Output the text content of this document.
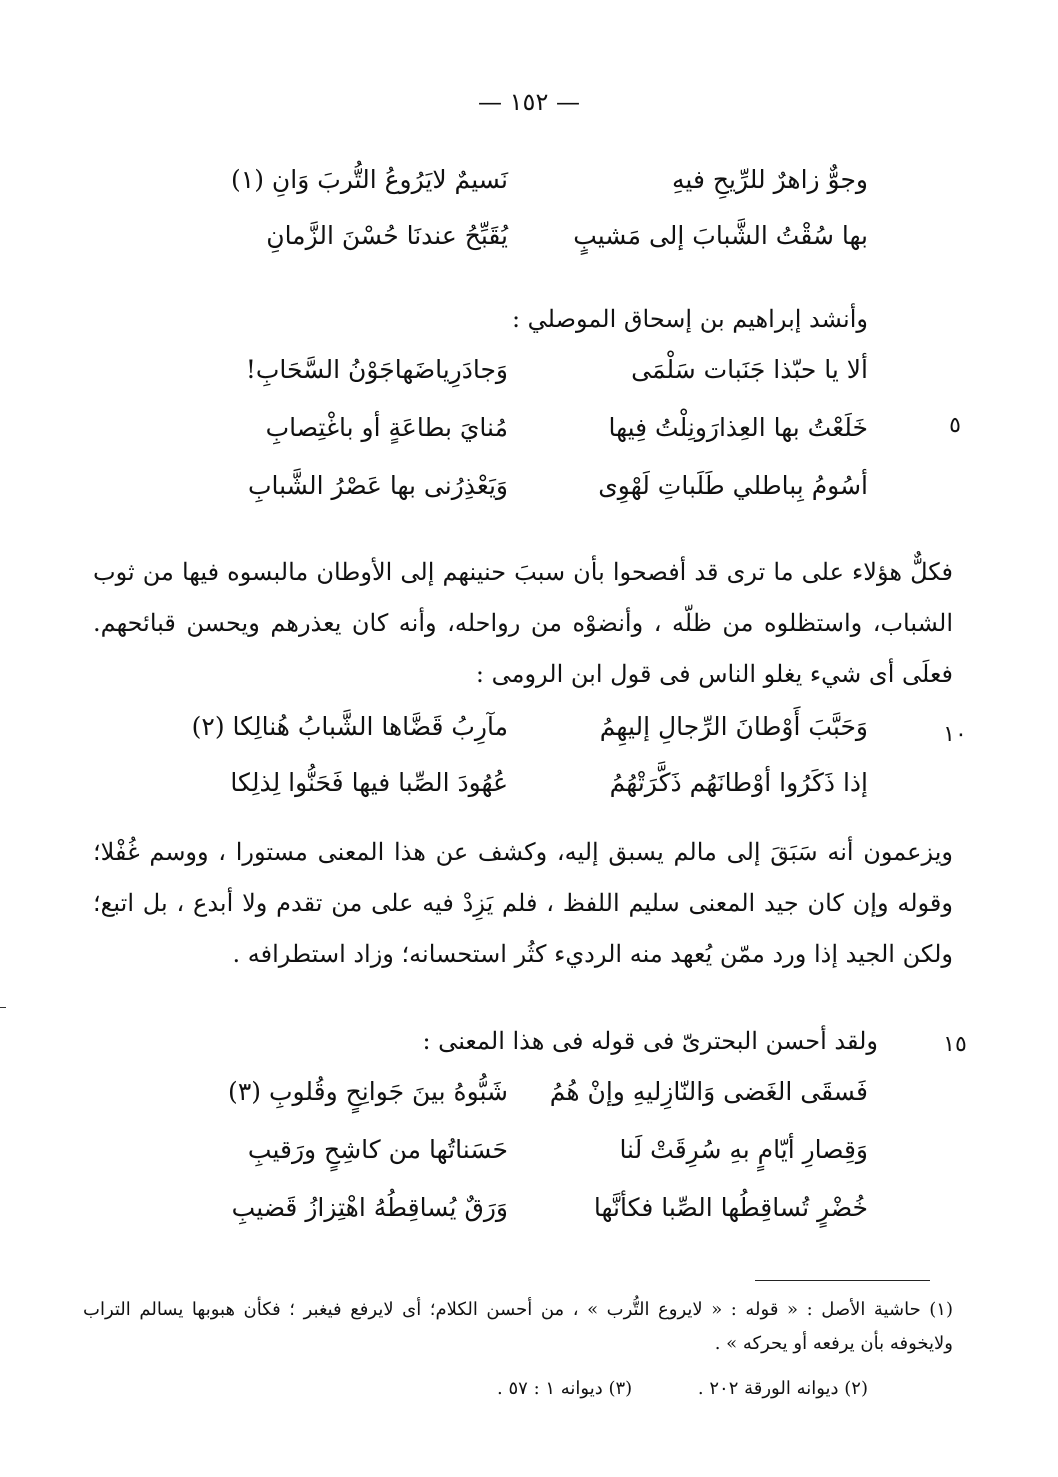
— ١٥٢ —
وجوٌّ زاهرٌ للرِّيحِ فيهِ
نَسيمٌ لايَرُوعُ التُّربَ وَانِ (١)
بها سُقْتُ الشَّبابَ إلى مَشيبٍ
يُقَبِّحُ عندنَا حُسْنَ الزَّمانِ
وأنشد إبراهيم بن إسحاق الموصلي :
ألا يا حبّذا جَنَبات سَلْمَى
وَجادَرِياضَهاجَوْنُ السَّحَابِ!
خَلَعْتُ بها العِذارَونِلْتُ فِيها
مُنايَ بطاعَةٍ أو باغْتِصابِ
أسُومُ بِباطلي طَلَباتِ لَهْوِى
وَيَعْذِرُنى بها عَصْرُ الشَّبابِ
٥

فكلٌّ هؤلاء على ما ترى قد أفصحوا بأن سببَ حنينهم إلى الأوطان مالبسوه فيها من ثوب الشباب، واستظلوه من ظلّه ، وأنضوْه من رواحله، وأنه كان يعذرهم ويحسن قبائحهم. فعلَى أى شيء يغلو الناس فى قول ابن الرومى :

وَحَبَّبَ أَوْطانَ الرِّجالِ إليهِمُ
مآرِبُ قَضَّاها الشَّبابُ هُنالِكا (٢)
إذا ذَكَرُوا أوْطانَهُم ذَكَّرَتْهُمُ
عُهُودَ الصِّبا فيها فَحَنُّوا لِذلِكا
١٠

ويزعمون أنه سَبَقَ إلى مالم يسبق إليه، وكشف عن هذا المعنى مستورا ، ووسم غُفْلا؛ وقوله وإن كان جيد المعنى سليم اللفظ ، فلم يَزِدْ فيه على من تقدم ولا أبدع ، بل اتبع؛ ولكن الجيد إذا ورد ممّن يُعهد منه الرديء كثُر استحسانه؛ وزاد استطرافه .

ولقد أحسن البحترىّ فى قوله فى هذا المعنى :	١٥
فَسقَى الغَضى وَالنّازِليهِ وإنْ هُمُ
شَبُّوهُ بينَ جَوانِحٍ وقُلوبِ (٣)
وَقِصارِ أيّامٍ بهِ سُرِقَتْ لَنا
حَسَناتُها من كاشِحٍ ورَقيبِ
خُضْرٍ تُساقِطُها الصِّبا فكأنَّها
وَرَقٌ يُساقِطُهُ اهْتِزازُ قَضيبِ

(١) حاشية الأصل : « قوله : « لايروع التُّرب » ، من أحسن الكلام؛ أى لايرفع فيغبر ؛ فكأن هبوبها يسالم التراب ولايخوفه بأن يرفعه أو يحركه » .

(٢) ديوانه الورقة ٢٠٢ . (٣) ديوانه ١ : ٥٧ .
